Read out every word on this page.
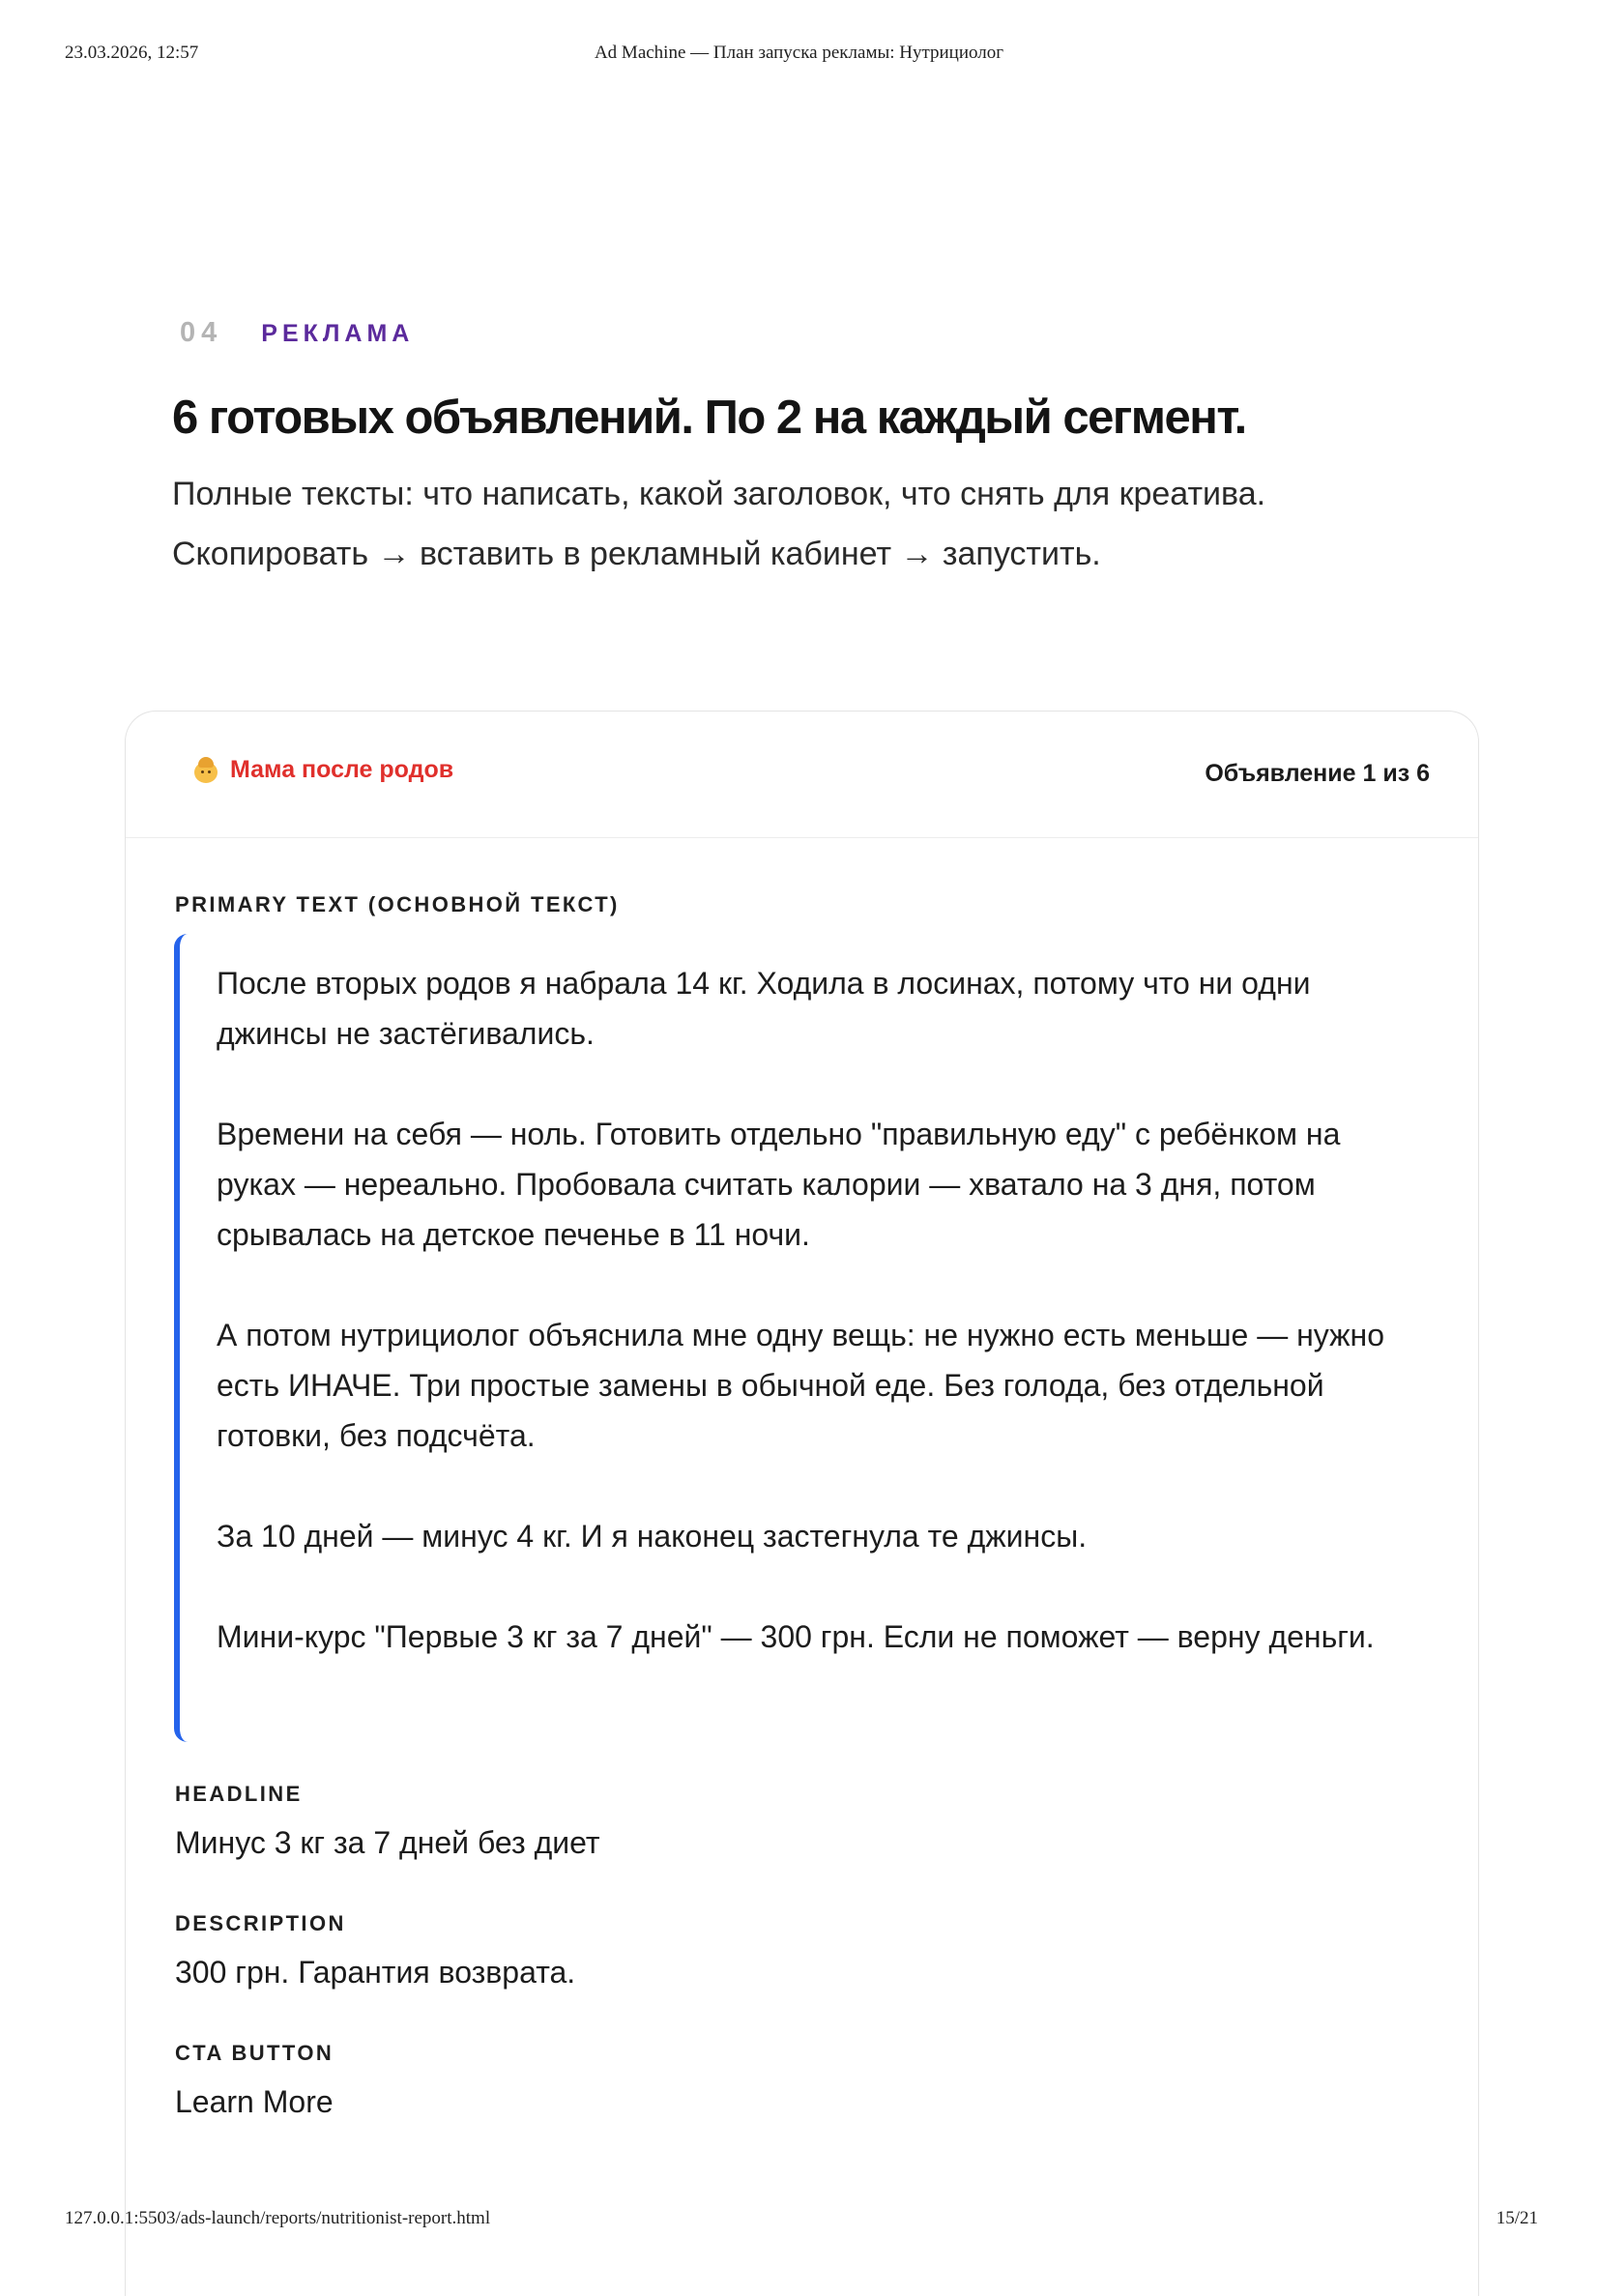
23.03.2026, 12:57	Ad Machine — План запуска рекламы: Нутрициолог
04 РЕКЛАМА
6 готовых объявлений. По 2 на каждый сегмент.

Полные тексты: что написать, какой заголовок, что снять для креатива. Скопировать → вставить в рекламный кабинет → запустить.

Мама после родов	Объявление 1 из 6
PRIMARY TEXT (ОСНОВНОЙ ТЕКСТ)

После вторых родов я набрала 14 кг. Ходила в лосинах, потому что ни одни джинсы не застёгивались.

Времени на себя — ноль. Готовить отдельно "правильную еду" с ребёнком на руках — нереально. Пробовала считать калории — хватало на 3 дня, потом срывалась на детское печенье в 11 ночи.

А потом нутрициолог объяснила мне одну вещь: не нужно есть меньше — нужно есть ИНАЧЕ. Три простые замены в обычной еде. Без голода, без отдельной готовки, без подсчёта.

За 10 дней — минус 4 кг. И я наконец застегнула те джинсы.

Мини-курс "Первые 3 кг за 7 дней" — 300 грн. Если не поможет — верну деньги.

HEADLINE
Минус 3 кг за 7 дней без диет
DESCRIPTION
300 грн. Гарантия возврата.
CTA BUTTON
Learn More
127.0.0.1:5503/ads-launch/reports/nutritionist-report.html	15/21
